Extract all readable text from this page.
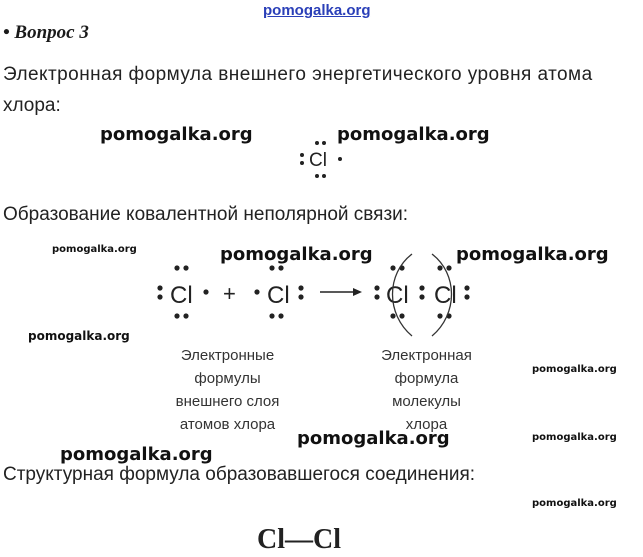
pomogalka.org
• Вопрос 3
Электронная формула внешнего энергетического уровня атома
хлора:
pomogalka.org	pomogalka.org
Cl
Образование ковалентной неполярной связи:
pomogalka.org	pomogalka.org	pomogalka.org
Cl + Cl	Cl Cl
pomogalka.org
pomogalka.org
Электронные
формулы
внешнего слоя
атомов хлора
Электронная
формула
молекулы
хлора
pomogalka.org	pomogalka.org
pomogalka.org
Структурная формула образовавшегося соединения:
pomogalka.org
Cl—Cl
